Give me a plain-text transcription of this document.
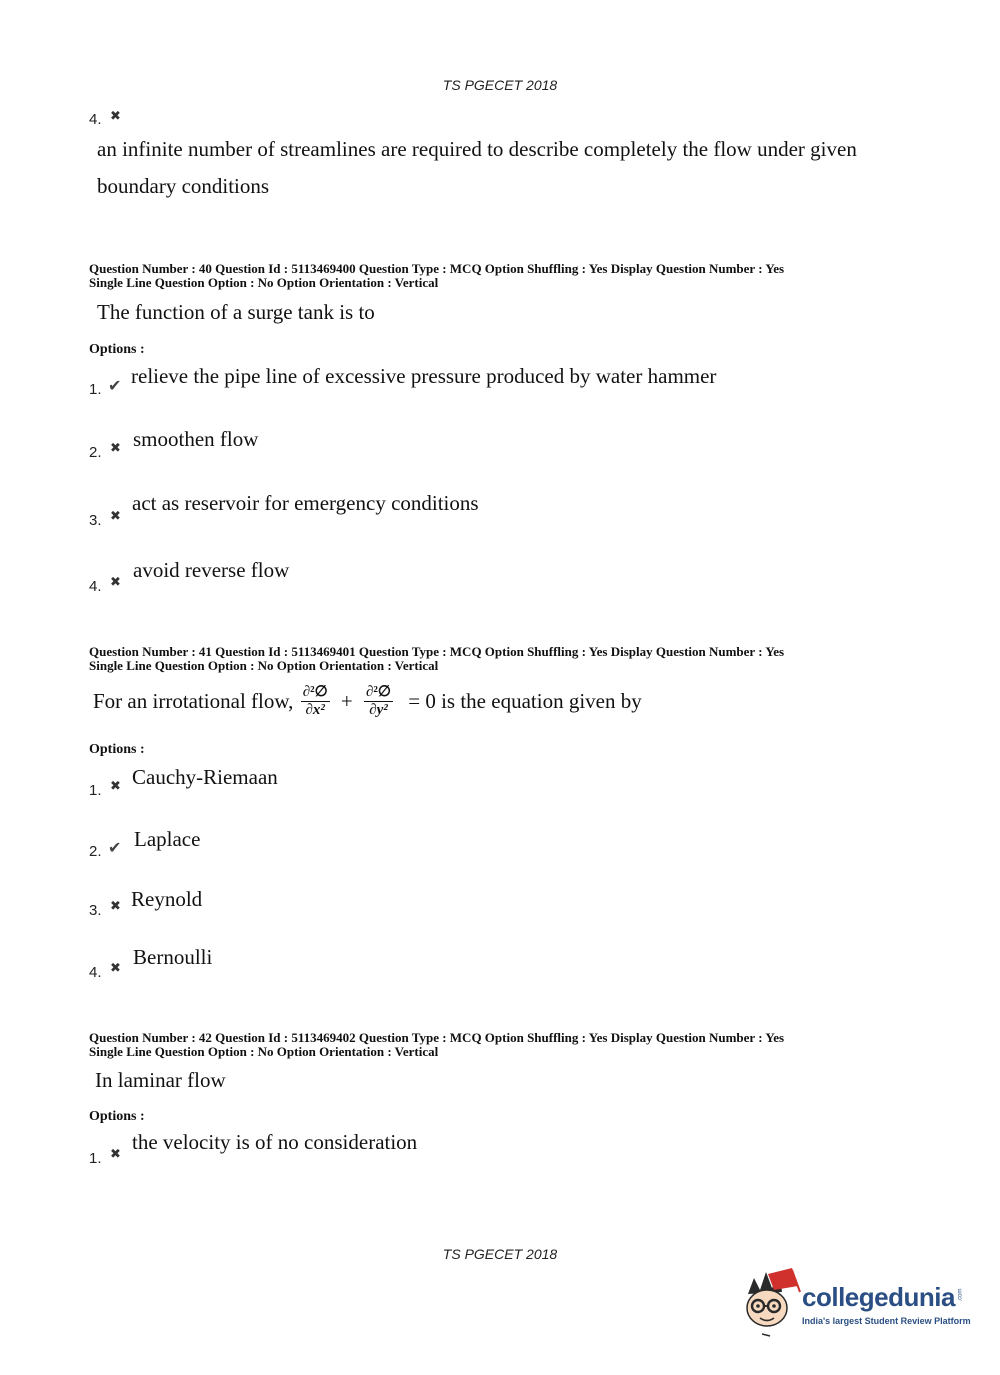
TS PGECET 2018
4. ✖
an infinite number of streamlines are required to describe completely the flow under given
boundary conditions
Question Number : 40 Question Id : 5113469400 Question Type : MCQ Option Shuffling : Yes Display Question Number : Yes
Single Line Question Option : No Option Orientation : Vertical
The function of a surge tank is to
Options :
1. ✔ relieve the pipe line of excessive pressure produced by water hammer
2. ✖ smoothen flow
3. ✖
act as reservoir for emergency conditions
4. ✖
avoid reverse flow
Question Number : 41 Question Id : 5113469401 Question Type : MCQ Option Shuffling : Yes Display Question Number : Yes
Single Line Question Option : No Option Orientation : Vertical
For an irrotational flow, $\frac{\text{∂²∅}}{\text{∂x²}} + \frac{\text{∂²∅}}{\text{∂y²}} = 0$ is the equation given by
Options :
1. ✖ Cauchy-Riemaan
2. ✔ Laplace
3. ✖ Reynold
4. ✖ Bernoulli
Question Number : 42 Question Id : 5113469402 Question Type : MCQ Option Shuffling : Yes Display Question Number : Yes
Single Line Question Option : No Option Orientation : Vertical
In laminar flow
Options :
1. ✖
the velocity is of no consideration
TS PGECET 2018
collegedunia .com
India's largest Student Review Platform
